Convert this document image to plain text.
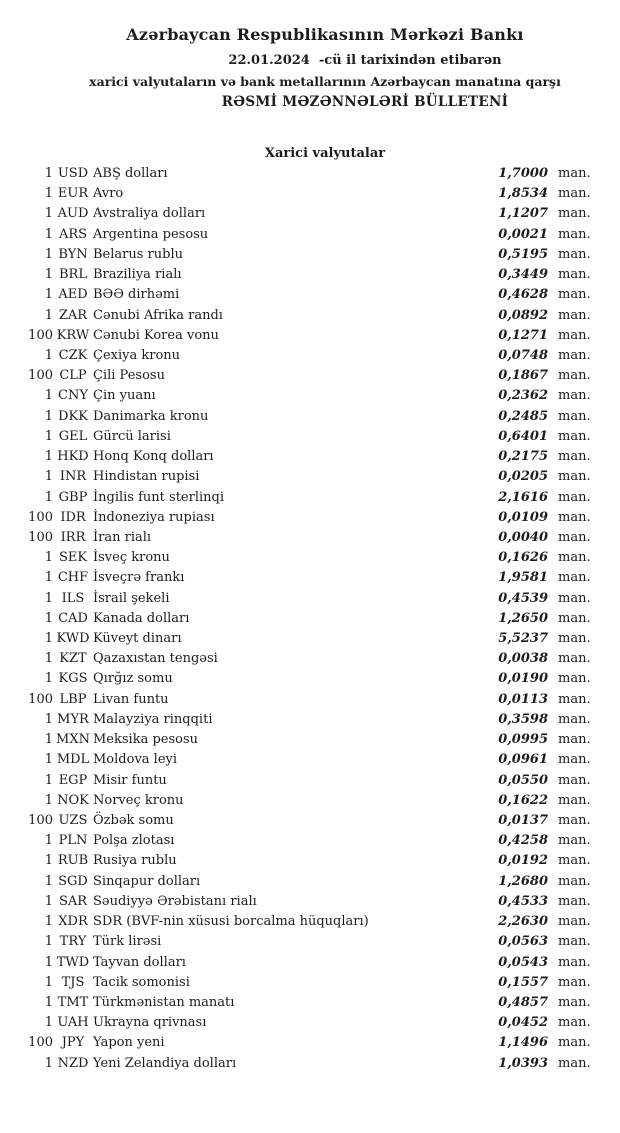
Azərbaycan Respublikasının Mərkəzi Bankı
22.01.2024  -cü il tarixindən etibarən
xarici valyutaların və bank metallarının Azərbaycan manatına qarşı
RƏSMİ MƏZƏNNƏLƏRİ BÜLLETENİ
Xarici valyutalar
1 USD ABŞ dolları	1,7000 man.
1 EUR Avro	1,8534 man.
1 AUD Avstraliya dolları	1,1207 man.
1 ARS Argentina pesosu	0,0021 man.
1 BYN Belarus rublu	0,5195 man.
1 BRL Braziliya rialı	0,3449 man.
1 AED BƏƏ dirhəmi	0,4628 man.
1 ZAR Cənubi Afrika randı	0,0892 man.
100 KRW Cənubi Korea vonu	0,1271 man.
1 CZK Çexiya kronu	0,0748 man.
100 CLP Çili Pesosu	0,1867 man.
1 CNY Çin yuanı	0,2362 man.
1 DKK Danimarka kronu	0,2485 man.
1 GEL Gürcü larisi	0,6401 man.
1 HKD Honq Konq dolları	0,2175 man.
1 INR Hindistan rupisi	0,0205 man.
1 GBP İngilis funt sterlinqi	2,1616 man.
100 IDR İndoneziya rupiası	0,0109 man.
100 IRR İran rialı	0,0040 man.
1 SEK İsveç kronu	0,1626 man.
1 CHF İsveçrə frankı	1,9581 man.
1 ILS İsrail şekeli	0,4539 man.
1 CAD Kanada dolları	1,2650 man.
1 KWD Küveyt dinarı	5,5237 man.
1 KZT Qazaxıstan tengəsi	0,0038 man.
1 KGS Qırğız somu	0,0190 man.
100 LBP Livan funtu	0,0113 man.
1 MYR Malayziya rinqqiti	0,3598 man.
1 MXN Meksika pesosu	0,0995 man.
1 MDL Moldova leyi	0,0961 man.
1 EGP Misir funtu	0,0550 man.
1 NOK Norveç kronu	0,1622 man.
100 UZS Özbək somu	0,0137 man.
1 PLN Polşa zlotası	0,4258 man.
1 RUB Rusiya rublu	0,0192 man.
1 SGD Sinqapur dolları	1,2680 man.
1 SAR Səudiyyə Ərəbistanı rialı	0,4533 man.
1 XDR SDR (BVF-nin xüsusi borcalma hüquqları)	2,2630 man.
1 TRY Türk lirəsi	0,0563 man.
1 TWD Tayvan dolları	0,0543 man.
1 TJS Tacik somonisi	0,1557 man.
1 TMT Türkmənistan manatı	0,4857 man.
1 UAH Ukrayna qrivnası	0,0452 man.
100 JPY Yapon yeni	1,1496 man.
1 NZD Yeni Zelandiya dolları	1,0393 man.
